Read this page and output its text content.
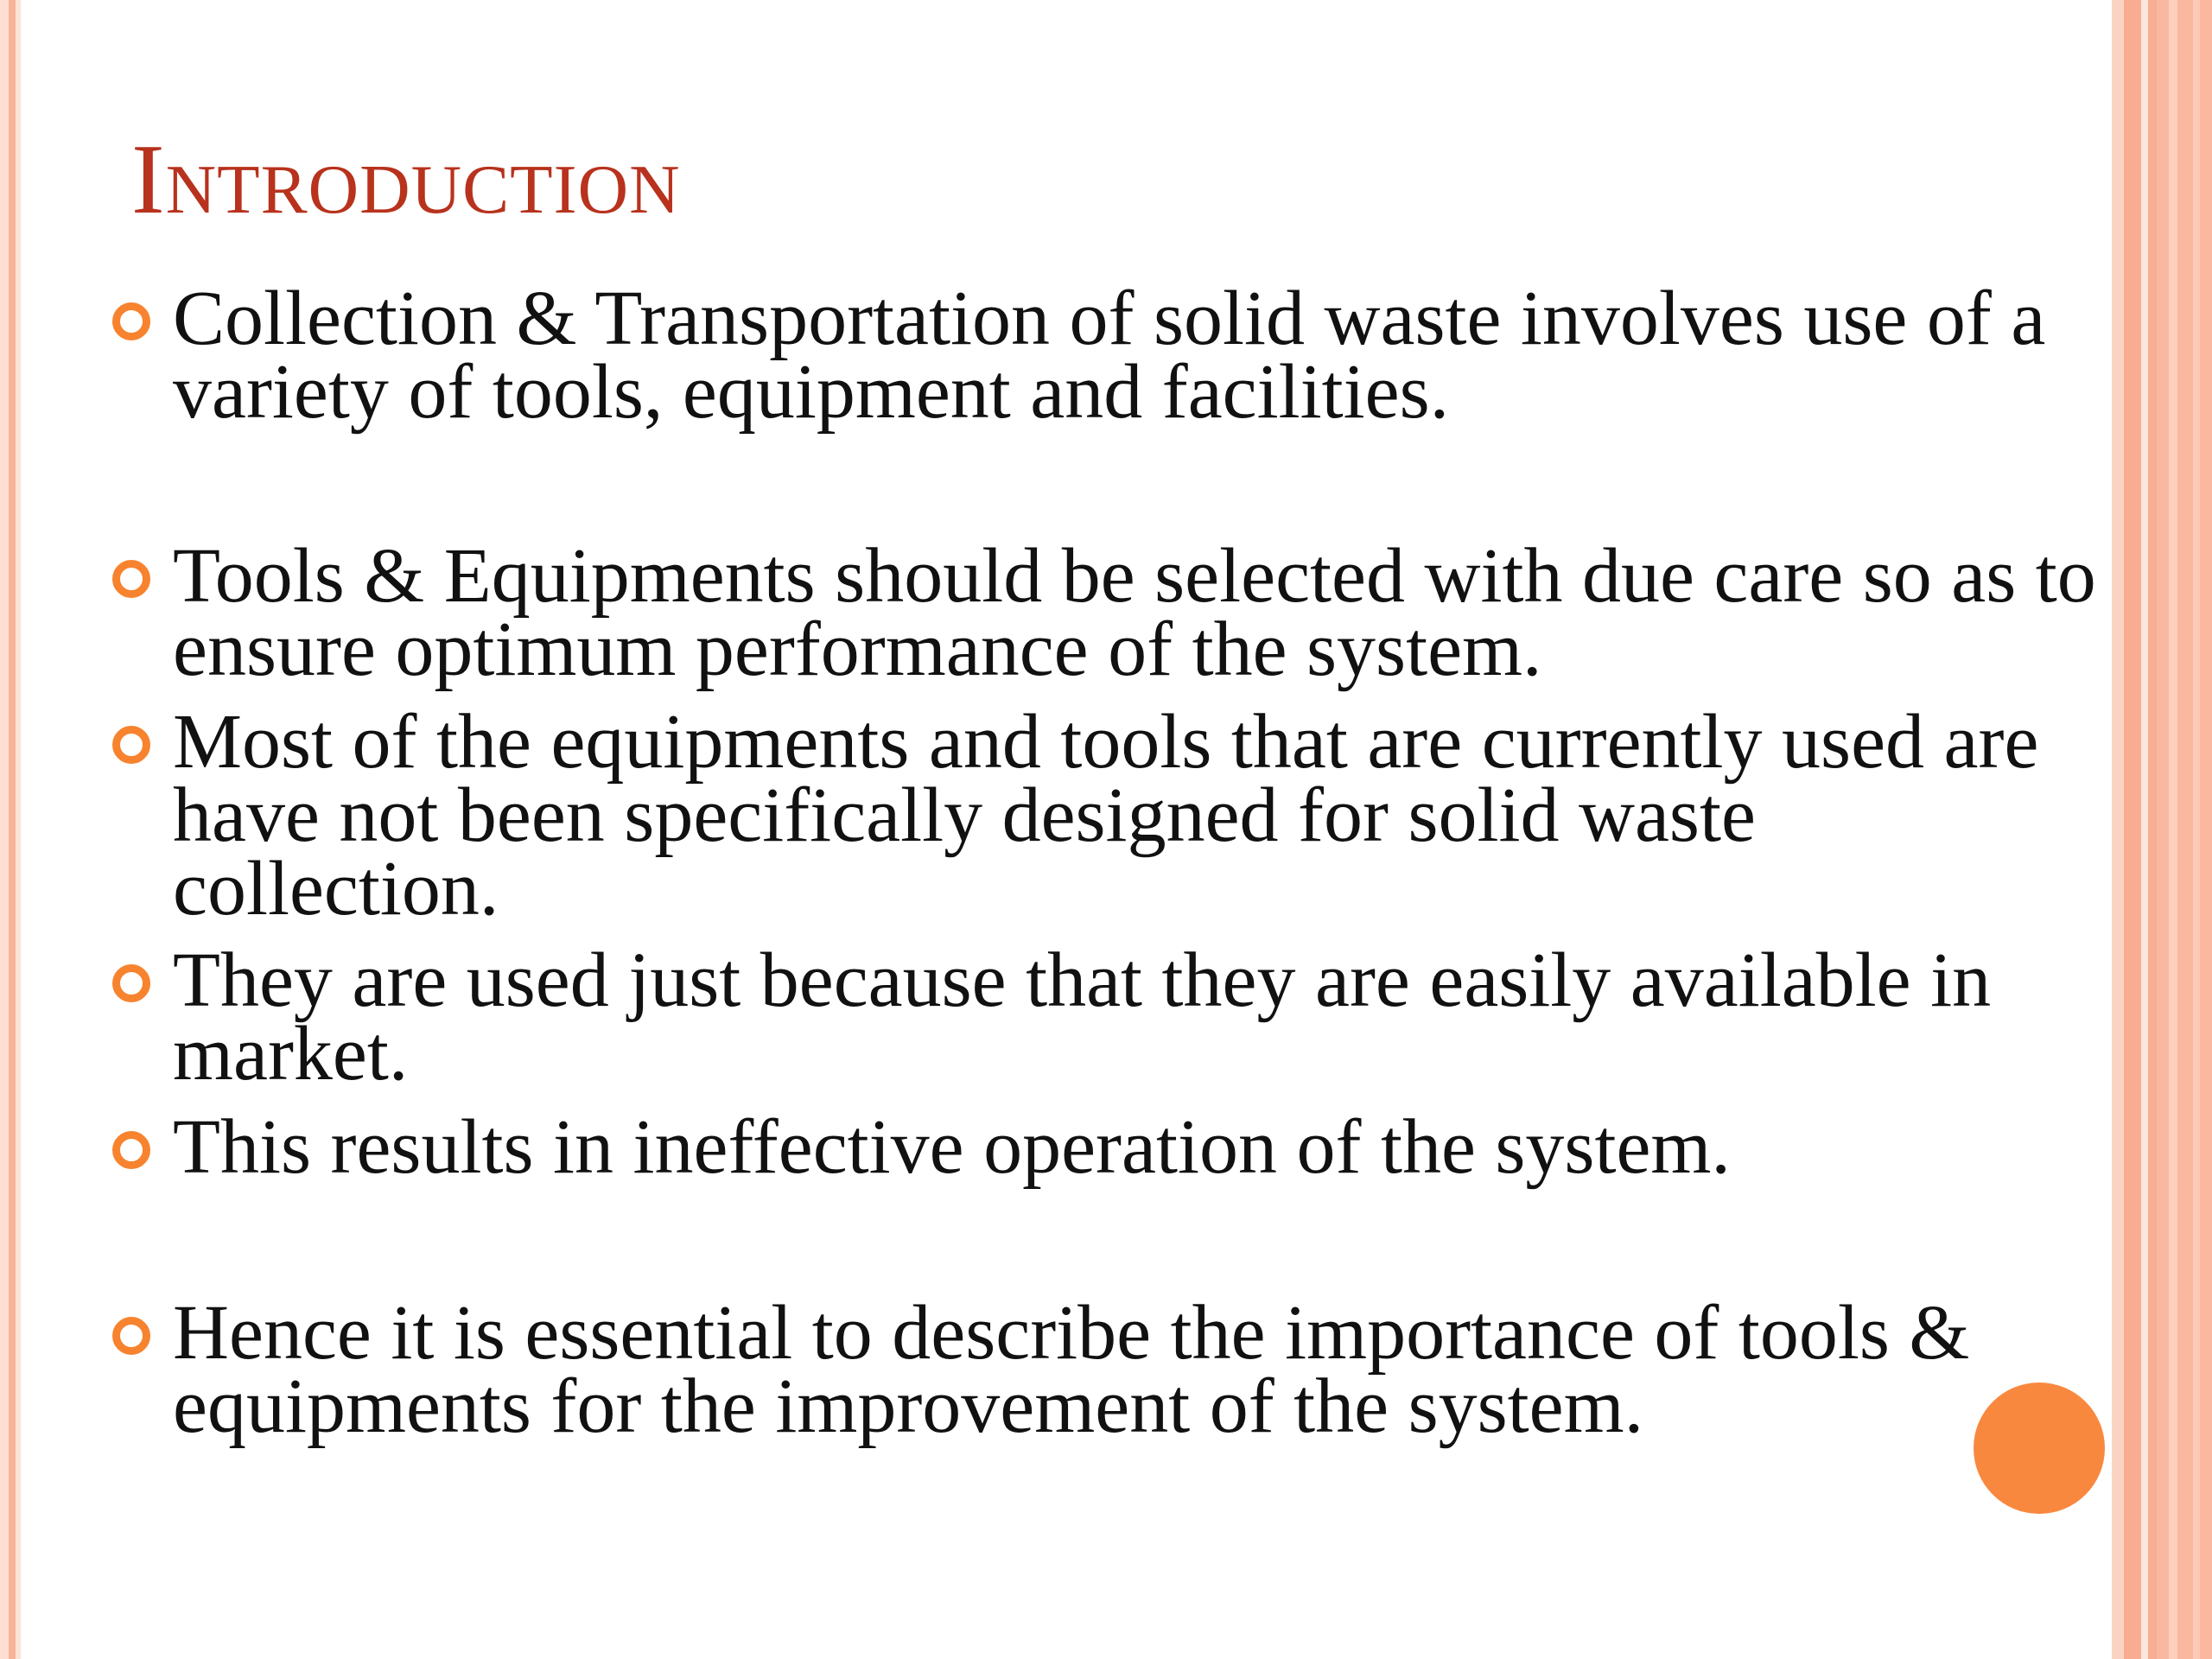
Introduction
Collection & Transportation of solid waste involves use of a variety of tools, equipment and facilities.
Tools & Equipments should be selected with due care so as to ensure optimum performance of the system.
Most of the equipments and tools that are currently used are have not been specifically designed for solid waste collection.
They are used just because that they are easily available in market.
This results in ineffective operation of the system.
Hence it is essential to describe the importance of tools & equipments for the improvement of the system.
